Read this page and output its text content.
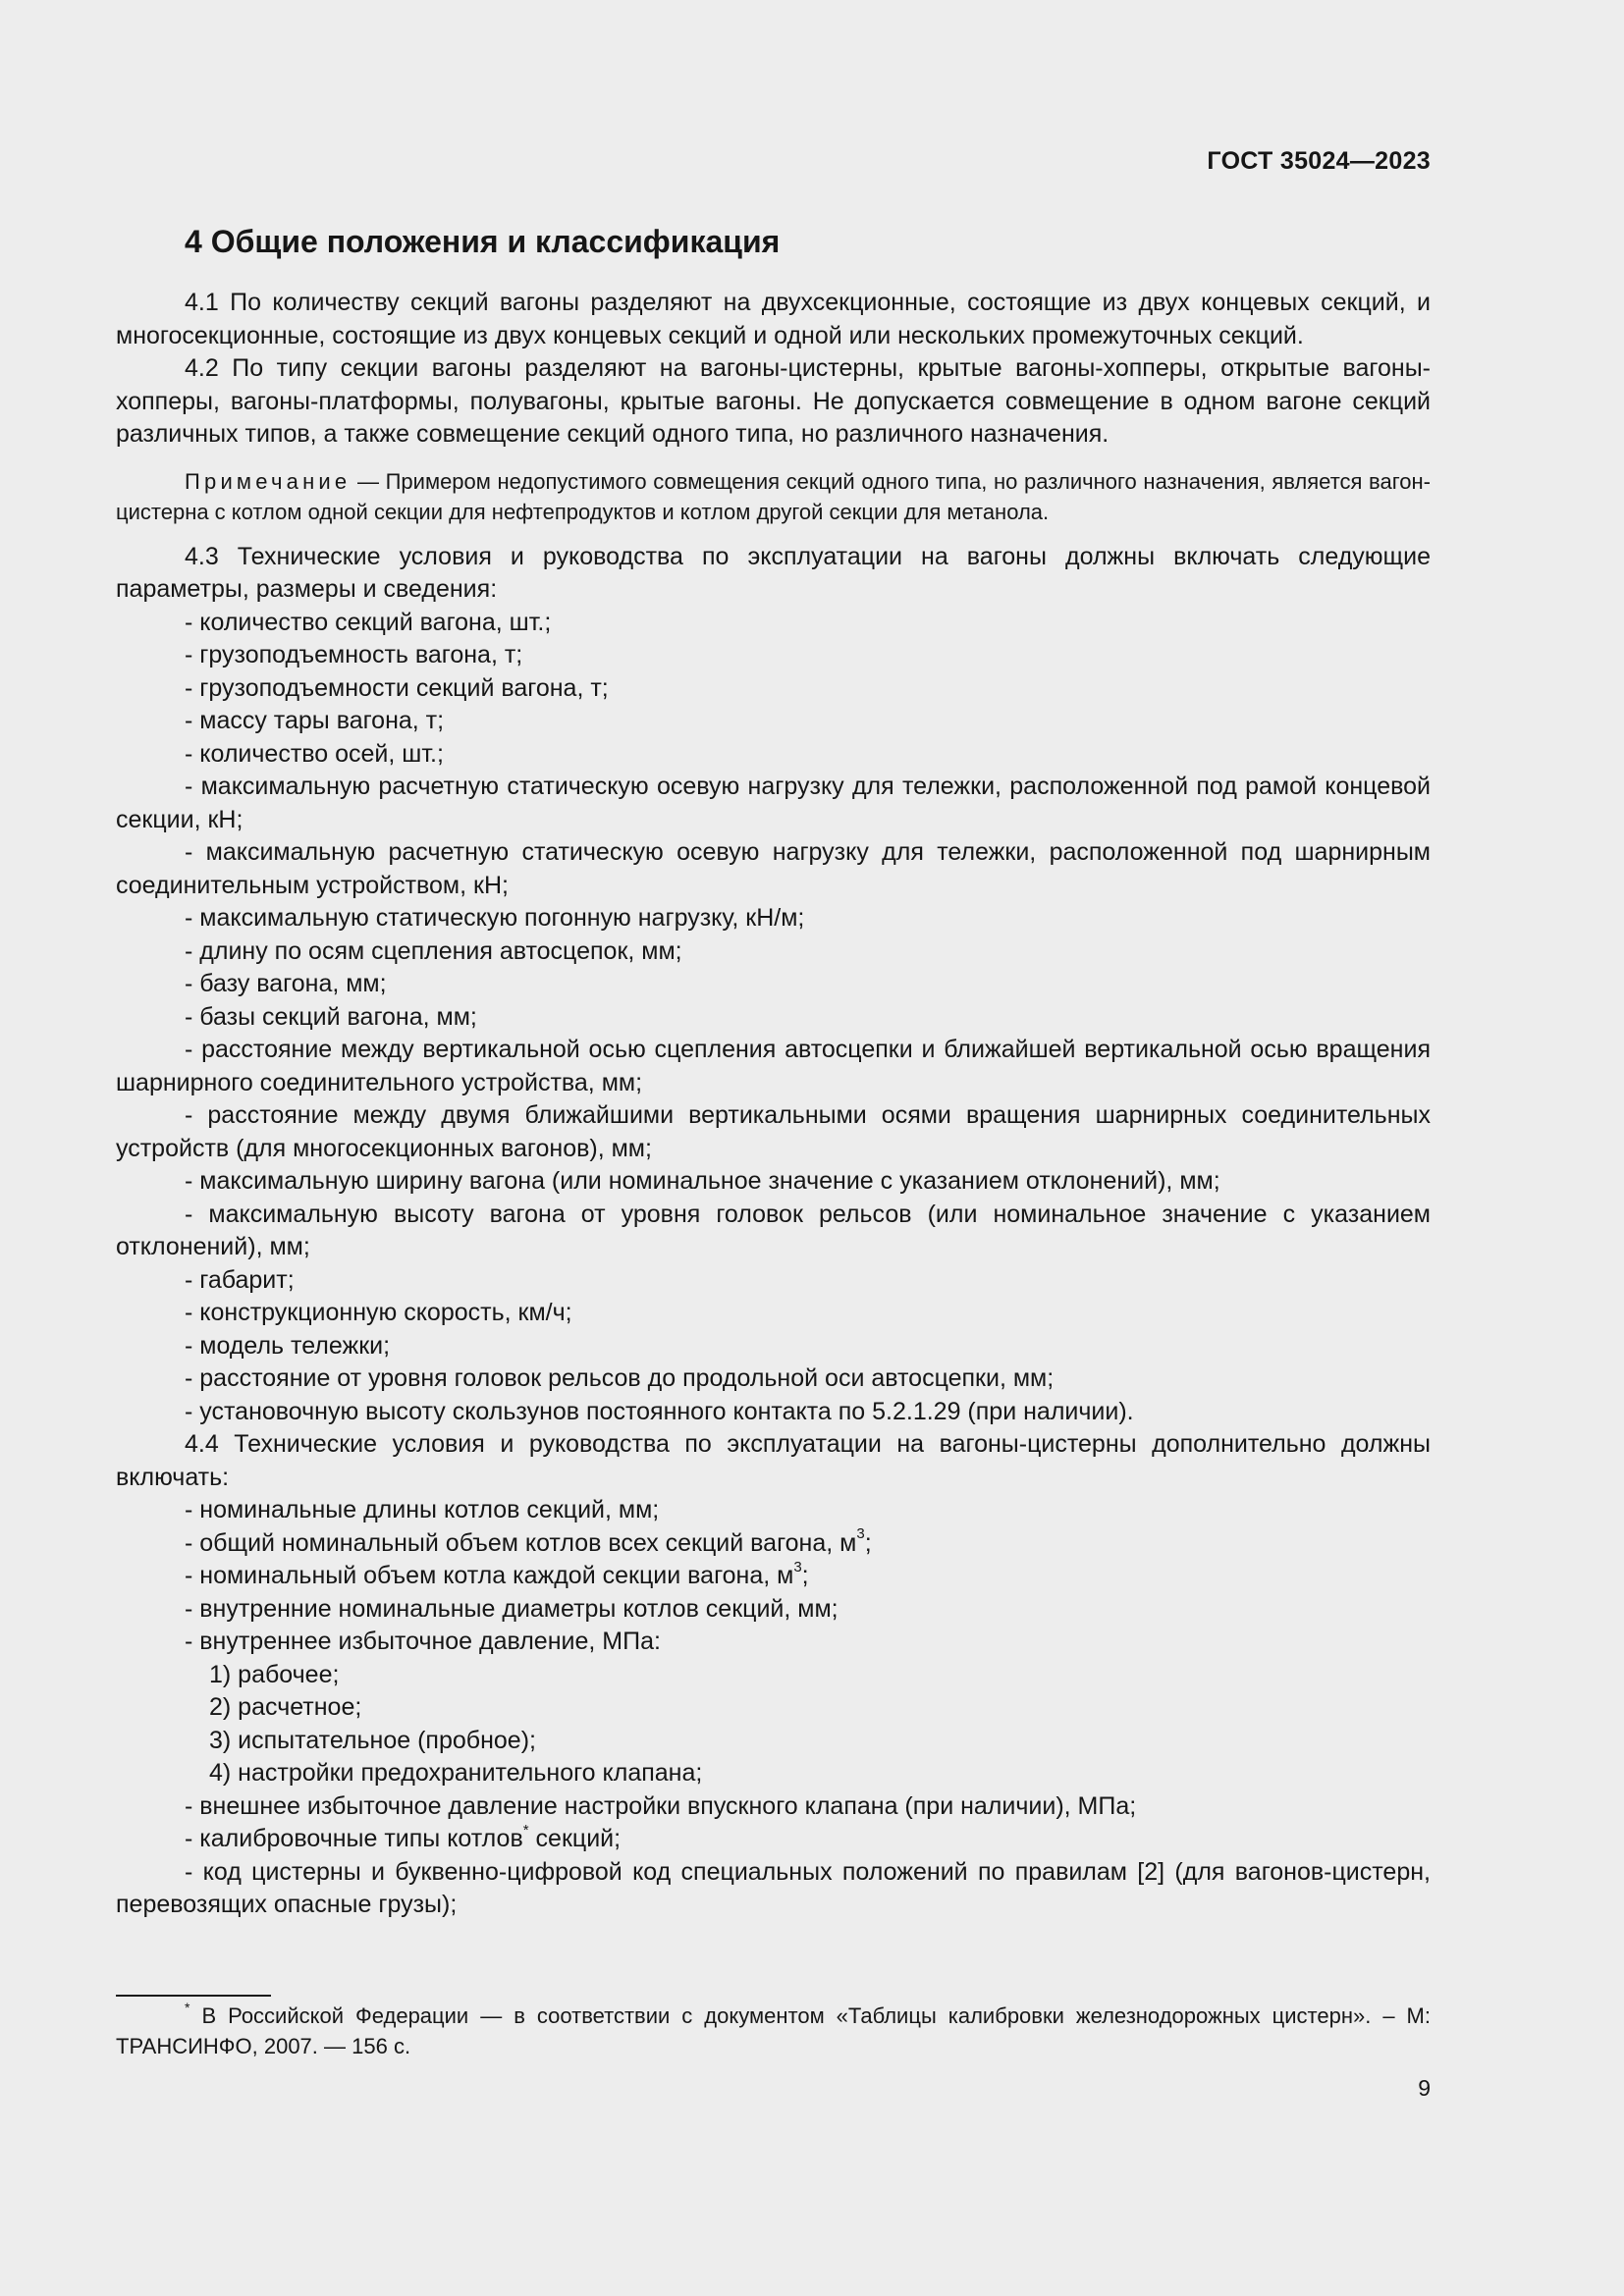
ГОСТ 35024—2023
4 Общие положения и классификация

4.1 По количеству секций вагоны разделяют на двухсекционные, состоящие из двух концевых секций, и многосекционные, состоящие из двух концевых секций и одной или нескольких промежуточных секций.

4.2 По типу секции вагоны разделяют на вагоны-цистерны, крытые вагоны-хопперы, открытые вагоны-хопперы, вагоны-платформы, полувагоны, крытые вагоны. Не допускается совмещение в одном вагоне секций различных типов, а также совмещение секций одного типа, но различного назначения.

Примечание — Примером недопустимого совмещения секций одного типа, но различного назначения, является вагон-цистерна с котлом одной секции для нефтепродуктов и котлом другой секции для метанола.

4.3 Технические условия и руководства по эксплуатации на вагоны должны включать следующие параметры, размеры и сведения:

- количество секций вагона, шт.;

- грузоподъемность вагона, т;

- грузоподъемности секций вагона, т;

- массу тары вагона, т;

- количество осей, шт.;

- максимальную расчетную статическую осевую нагрузку для тележки, расположенной под рамой концевой секции, кН;

- максимальную расчетную статическую осевую нагрузку для тележки, расположенной под шарнирным соединительным устройством, кН;

- максимальную статическую погонную нагрузку, кН/м;

- длину по осям сцепления автосцепок, мм;

- базу вагона, мм;

- базы секций вагона, мм;

- расстояние между вертикальной осью сцепления автосцепки и ближайшей вертикальной осью вращения шарнирного соединительного устройства, мм;

- расстояние между двумя ближайшими вертикальными осями вращения шарнирных соединительных устройств (для многосекционных вагонов), мм;

- максимальную ширину вагона (или номинальное значение с указанием отклонений), мм;

- максимальную высоту вагона от уровня головок рельсов (или номинальное значение с указанием отклонений), мм;

- габарит;

- конструкционную скорость, км/ч;

- модель тележки;

- расстояние от уровня головок рельсов до продольной оси автосцепки, мм;

- установочную высоту скользунов постоянного контакта по 5.2.1.29 (при наличии).

4.4 Технические условия и руководства по эксплуатации на вагоны-цистерны дополнительно должны включать:

- номинальные длины котлов секций, мм;

- общий номинальный объем котлов всех секций вагона, $м^3$;

- номинальный объем котла каждой секции вагона, $м^3$;

- внутренние номинальные диаметры котлов секций, мм;

- внутреннее избыточное давление, МПа:

1) рабочее;

2) расчетное;

3) испытательное (пробное);

4) настройки предохранительного клапана;

- внешнее избыточное давление настройки впускного клапана (при наличии), МПа;

- калибровочные типы котлов* секций;

- код цистерны и буквенно-цифровой код специальных положений по правилам [2] (для вагонов-цистерн, перевозящих опасные грузы);

* В Российской Федерации — в соответствии с документом «Таблицы калибровки железнодорожных цистерн». – М: ТРАНСИНФО, 2007. — 156 с.
9
